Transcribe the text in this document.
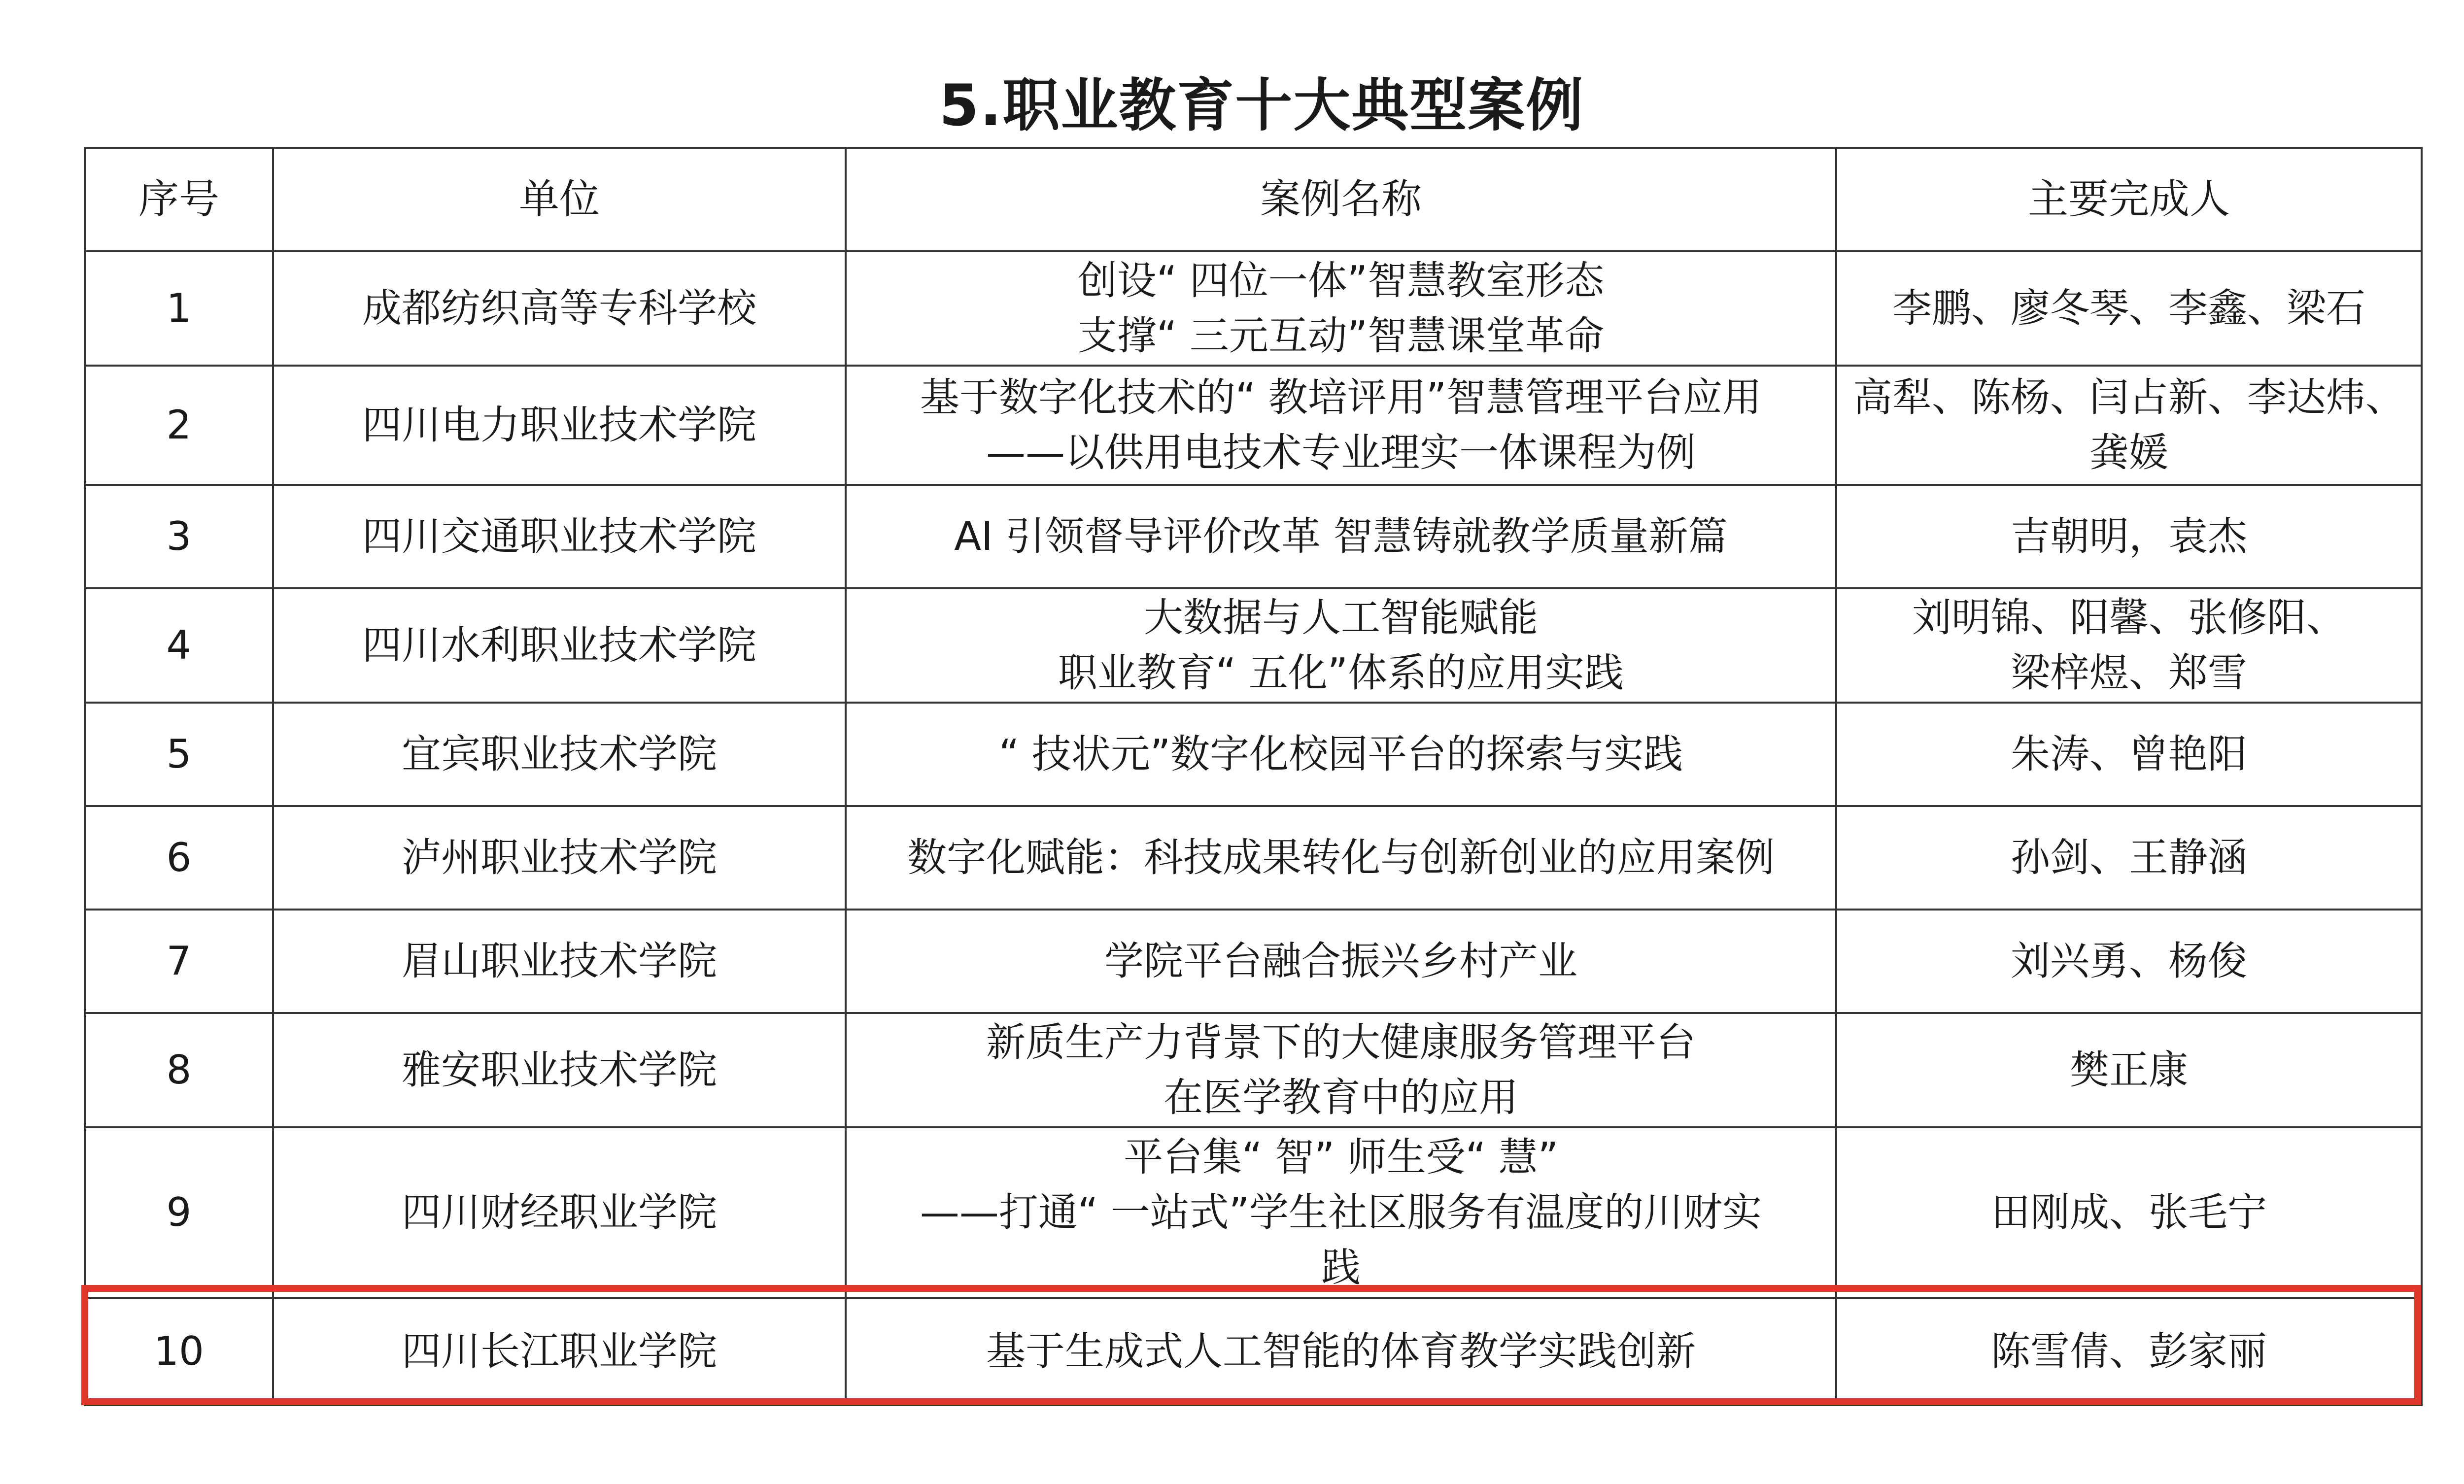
5.职业教育十大典型案例
序号	单位	案例名称	主要完成人
1	成都纺织高等专科学校	创设“ 四位一体”智慧教室形态
支撑“ 三元互动”智慧课堂革命	李鹏、廖冬琴、李鑫、梁石

2	四川电力职业技术学院	基于数字化技术的“ 教培评用”智慧管理平台应用
——以供用电技术专业理实一体课程为例	高犁、陈杨、闫占新、李达炜、
龚媛

3	四川交通职业技术学院	AI 引领督导评价改革 智慧铸就教学质量新篇	吉朝明，袁杰

4	四川水利职业技术学院	大数据与人工智能赋能
职业教育“ 五化”体系的应用实践	刘明锦、阳馨、张修阳、
梁梓煜、郑雪

5	宜宾职业技术学院	“ 技状元”数字化校园平台的探索与实践	朱涛、曾艳阳

6	泸州职业技术学院	数字化赋能：科技成果转化与创新创业的应用案例	孙剑、王静涵

7	眉山职业技术学院	学院平台融合振兴乡村产业	刘兴勇、杨俊

8	雅安职业技术学院	新质生产力背景下的大健康服务管理平台
在医学教育中的应用	樊正康

9	四川财经职业学院	平台集“ 智” 师生受“ 慧”
——打通“ 一站式”学生社区服务有温度的川财实
践	田刚成、张毛宁

10	四川长江职业学院	基于生成式人工智能的体育教学实践创新	陈雪倩、彭家丽
